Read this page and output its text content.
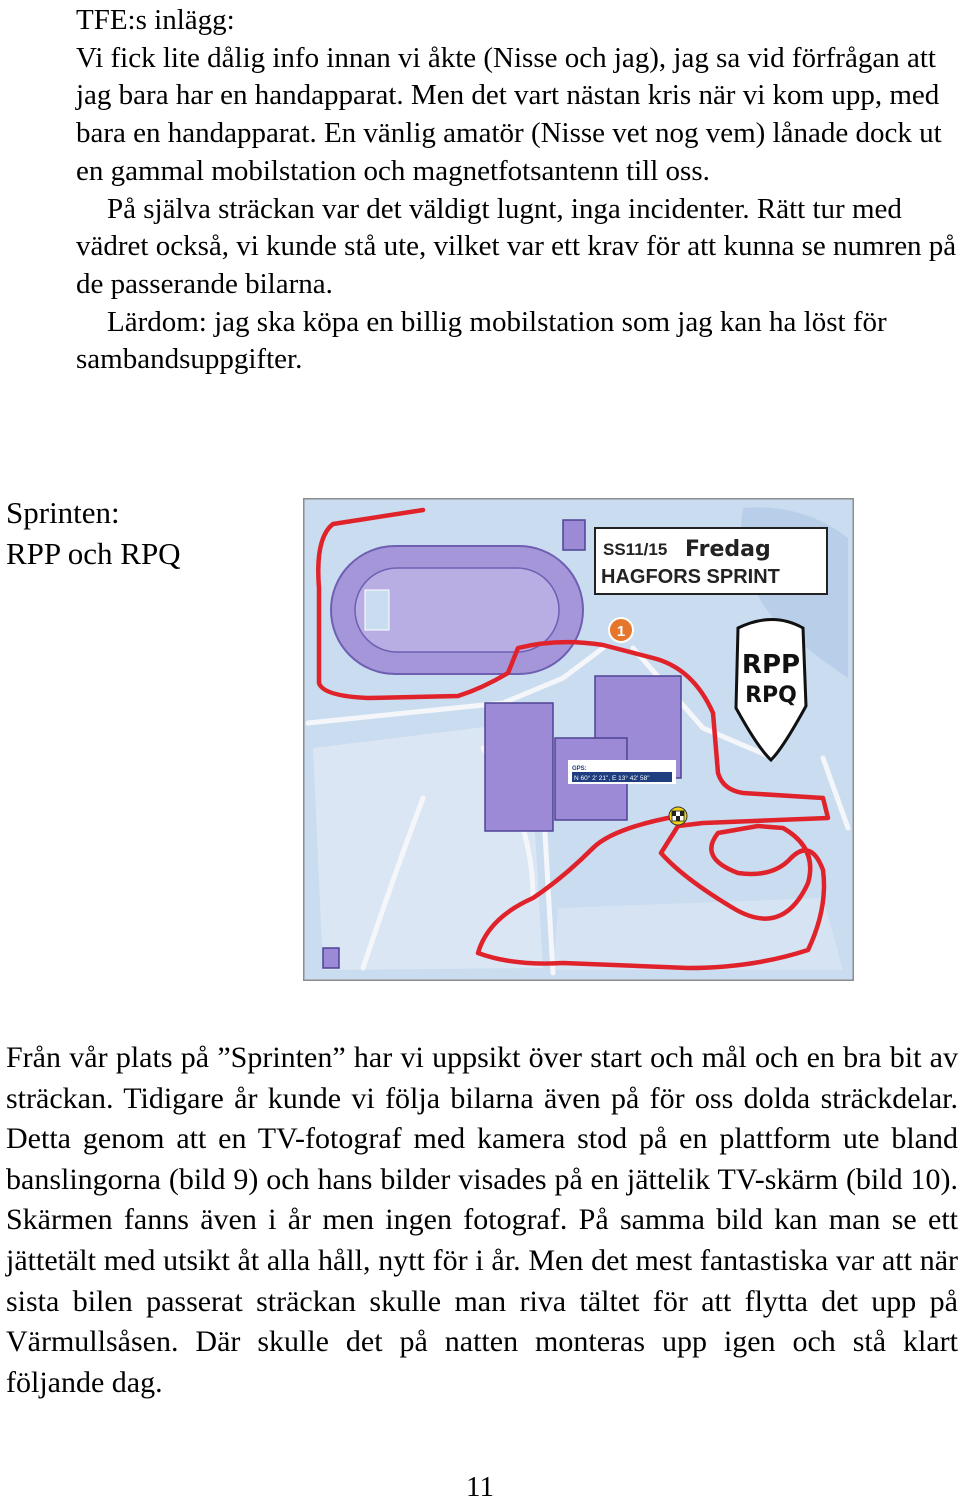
TFE:s inlägg:

Vi fick lite dålig info innan vi åkte (Nisse och jag), jag sa vid förfrågan att jag bara har en handapparat. Men det vart nästan kris när vi kom upp, med bara en handapparat. En vänlig amatör (Nisse vet nog vem) lånade dock ut en gammal mobilstation och magnetfotsantenn till oss.

På själva sträckan var det väldigt lugnt, inga incidenter. Rätt tur med vädret också, vi kunde stå ute, vilket var ett krav för att kunna se numren på de passerande bilarna.

Lärdom: jag ska köpa en billig mobilstation som jag kan ha löst för sambandsuppgifter.

Sprinten:
RPP och RPQ
GPS:
N 60° 2' 21", E 13° 42' 58"
1
SS11/15 Fredag
HAGFORS SPRINT
RPP
RPQ

Från vår plats på ”Sprinten” har vi uppsikt över start och mål och en bra bit av sträckan. Tidigare år kunde vi följa bilarna även på för oss dolda sträckdelar. Detta genom att en TV-fotograf med kamera stod på en plattform ute bland banslingorna (bild 9) och hans bilder visades på en jättelik TV-skärm (bild 10). Skärmen fanns även i år men ingen fotograf. På samma bild kan man se ett jättetält med utsikt åt alla håll, nytt för i år. Men det mest fantastiska var att när sista bilen passerat sträckan skulle man riva tältet för att flytta det upp på Värmullsåsen. Där skulle det på natten monteras upp igen och stå klart följande dag.

11
